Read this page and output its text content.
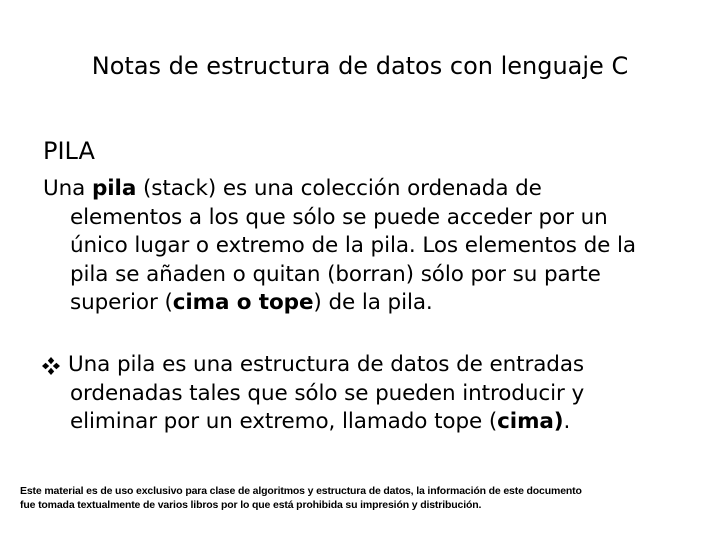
Notas de estructura de datos con lenguaje C
PILA
Una pila (stack) es una colección ordenada de
elementos a los que sólo se puede acceder por un
único lugar o extremo de la pila. Los elementos de la
pila se añaden o quitan (borran) sólo por su parte
superior (cima o tope) de la pila.
Una pila es una estructura de datos de entradas
ordenadas tales que sólo se pueden introducir y
eliminar por un extremo, llamado tope (cima).
Este material es de uso exclusivo para clase de algoritmos y estructura de datos, la información de este documento
fue tomada textualmente de varios libros por lo que está prohibida su impresión y distribución.
